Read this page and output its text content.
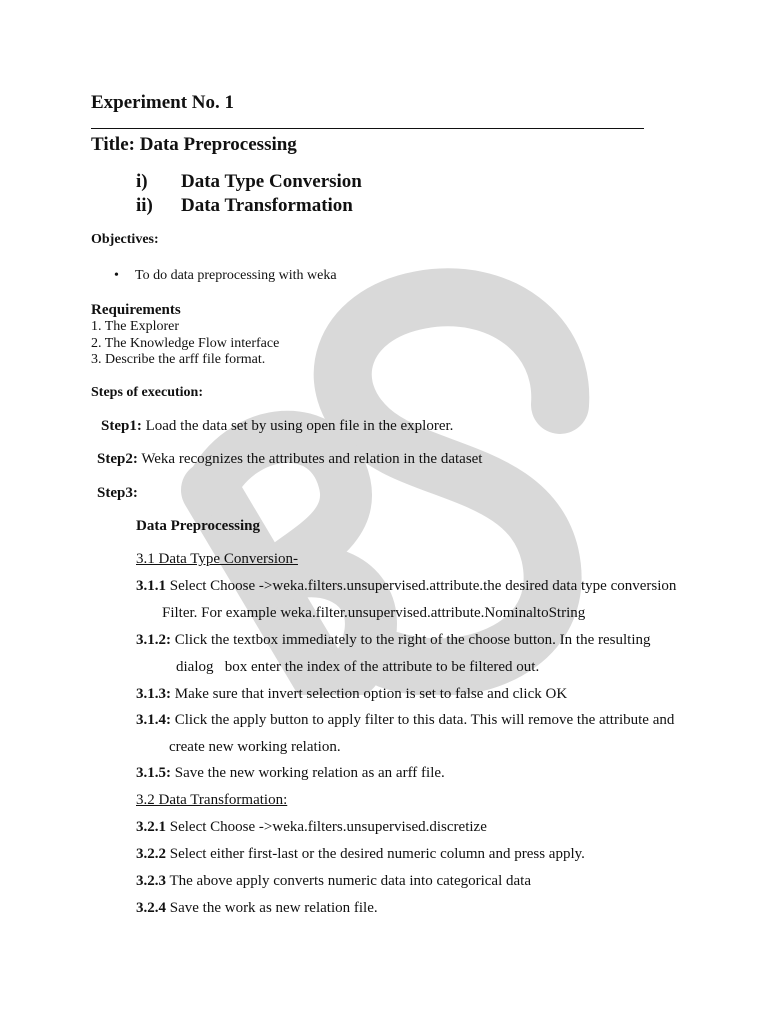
Experiment No. 1
Title: Data Preprocessing
i) Data Type Conversion
ii) Data Transformation
Objectives:
• To do data preprocessing with weka
Requirements
1. The Explorer
2. The Knowledge Flow interface
3. Describe the arff file format.
Steps of execution:
Step1: Load the data set by using open file in the explorer.
Step2: Weka recognizes the attributes and relation in the dataset
Step3:
Data Preprocessing
3.1 Data Type Conversion-
3.1.1 Select Choose ->weka.filters.unsupervised.attribute.the desired data type conversion
Filter. For example weka.filter.unsupervised.attribute.NominaltoString
3.1.2: Click the textbox immediately to the right of the choose button. In the resulting
dialog   box enter the index of the attribute to be filtered out.
3.1.3: Make sure that invert selection option is set to false and click OK
3.1.4: Click the apply button to apply filter to this data. This will remove the attribute and
create new working relation.
3.1.5: Save the new working relation as an arff file.
3.2 Data Transformation:
3.2.1 Select Choose ->weka.filters.unsupervised.discretize
3.2.2 Select either first-last or the desired numeric column and press apply.
3.2.3 The above apply converts numeric data into categorical data
3.2.4 Save the work as new relation file.
